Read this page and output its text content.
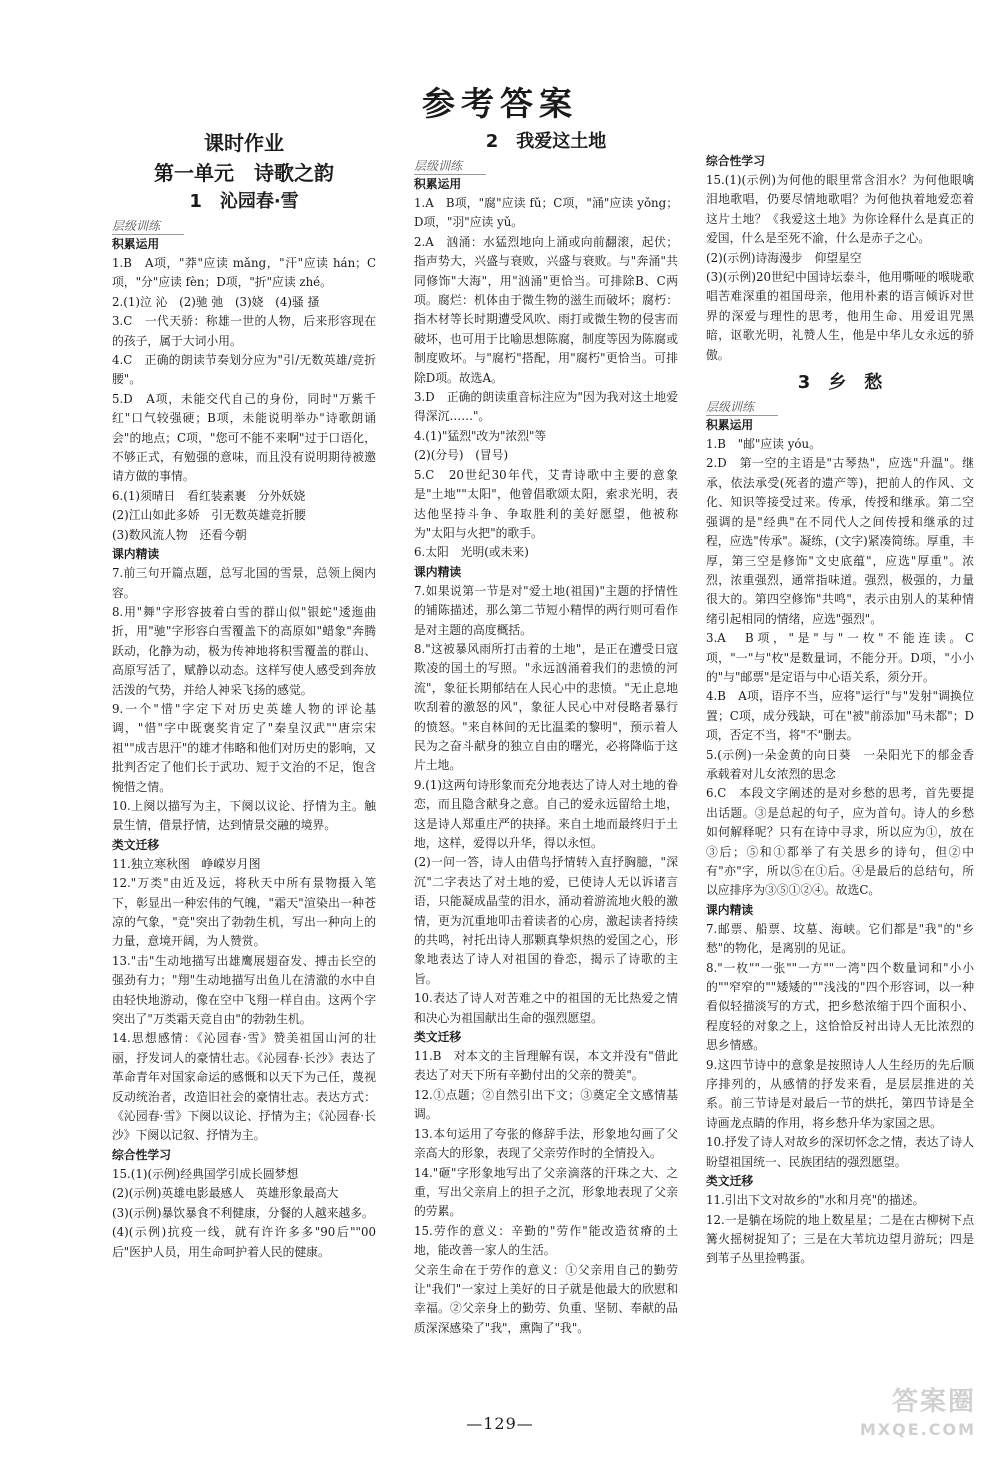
参考答案
课时作业
第一单元　诗歌之韵
1　沁园春·雪
层级训练
积累运用
1.B　A项，"莽"应读 mǎng，"汗"应读 hán；C项，"分"应读 fèn；D项，"折"应读 zhé。
2.(1)泣 沁　(2)驰 弛　(3)娆　(4)骚 搔
3.C　一代天骄：称雄一世的人物，后来形容现在的孩子，属于大词小用。
4.C　正确的朗读节奏划分应为"引/无数英雄/竞折腰"。
5.D　A项，未能交代自己的身份，同时"万紫千红"口气较强硬；B项，未能说明举办"诗歌朗诵会"的地点；C项，"您可不能不来啊"过于口语化，不够正式，有勉强的意味，而且没有说明期待被邀请方做的事情。
6.(1)须晴日　看红装素裹　分外妖娆
(2)江山如此多娇　引无数英雄竞折腰
(3)数风流人物　还看今朝
课内精读
7.前三句开篇点题，总写北国的雪景，总领上阕内容。
8.用"舞"字形容披着白雪的群山似"银蛇"逶迤曲折，用"驰"字形容白雪覆盖下的高原如"蜡象"奔腾跃动，化静为动，极为传神地将积雪覆盖的群山、高原写活了，赋静以动态。这样写使人感受到奔放活泼的气势，并给人神采飞扬的感觉。
9.一个"惜"字定下对历史英雄人物的评论基调，"惜"字中既褒奖肯定了"秦皇汉武""唐宗宋祖""成吉思汗"的雄才伟略和他们对历史的影响，又批判否定了他们长于武功、短于文治的不足，饱含惋惜之情。
10.上阕以描写为主，下阕以议论、抒情为主。触景生情，借景抒情，达到情景交融的境界。
类文迁移
11.独立寒秋图　峥嵘岁月图
12."万类"由近及远，将秋天中所有景物摄入笔下，彰显出一种宏伟的气魄，"霜天"渲染出一种苍凉的气象，"竞"突出了勃勃生机，写出一种向上的力量，意境开阔，为人赞赏。
13."击"生动地描写出雄鹰展翅奋发、搏击长空的强劲有力；"翔"生动地描写出鱼儿在清澈的水中自由轻快地游动，像在空中飞翔一样自由。这两个字突出了"万类霜天竞自由"的勃勃生机。
14.思想感情：《沁园春·雪》赞美祖国山河的壮丽，抒发词人的豪情壮志。《沁园春·长沙》表达了革命青年对国家命运的感慨和以天下为己任，蔑视反动统治者，改造旧社会的豪情壮志。表达方式：《沁园春·雪》下阕以议论、抒情为主；《沁园春·长沙》下阕以记叙、抒情为主。
综合性学习
15.(1)(示例)经典国学引成长圆梦想
(2)(示例)英雄电影最感人　英雄形象最高大
(3)(示例)暴饮暴食不利健康，分餐的人越来越多。
(4)(示例)抗疫一线，就有许许多多"90后""00后"医护人员，用生命呵护着人民的健康。
2　我爱这土地
层级训练
积累运用
1.A　B项，"腐"应读 fǔ；C项，"涌"应读 yǒng；D项，"羽"应读 yǔ。
2.A　汹涌：水猛烈地向上涌或向前翻滚，起伏；指声势大，兴盛与衰败，兴盛与衰败。与"奔涌"共同修饰"大海"，用"汹涌"更恰当。可排除B、C两项。腐烂：机体由于微生物的滋生而破坏；腐朽：指木材等长时期遭受风吹、雨打或微生物的侵害而破坏，也可用于比喻思想陈腐，制度等因为陈腐或制度败坏。与"腐朽"搭配，用"腐朽"更恰当。可排除D项。故选A。
3.D　正确的朗读重音标注应为"因为我对这土地爱得深沉……"。
4.(1)"猛烈"改为"浓烈"等
(2)(分号)　(冒号)
5.C　20世纪30年代，艾青诗歌中主要的意象是"土地""太阳"，他曾倡歌颂太阳，索求光明，表达他坚持斗争、争取胜利的美好愿望，他被称为"太阳与火把"的歌手。
6.太阳　光明(或未来)
课内精读
7.如果说第一节是对"爱土地(祖国)"主题的抒情性的铺陈描述，那么第二节短小精悍的两行则可看作是对主题的高度概括。
8."这被暴风雨所打击着的土地"，是正在遭受日寇欺凌的国土的写照。"永远汹涌着我们的悲愤的河流"，象征长期郁结在人民心中的悲愤。"无止息地吹刮着的激怒的风"，象征人民心中对侵略者暴行的愤怒。"来自林间的无比温柔的黎明"，预示着人民为之奋斗献身的独立自由的曙光，必将降临于这片土地。
9.(1)这两句诗形象而充分地表达了诗人对土地的眷恋，而且隐含献身之意。自己的爱永远留给土地，这是诗人郑重庄严的抉择。来自土地而最终归于土地，这样，爱得以升华，得以永恒。
(2)一问一答，诗人由借鸟抒情转入直抒胸臆，"深沉"二字表达了对土地的爱，已使诗人无以诉诸言语，只能凝成晶莹的泪水，涌动着游流地火般的激情，更为沉重地叩击着读者的心房，激起读者持续的共鸣，衬托出诗人那颗真挚炽热的爱国之心，形象地表达了诗人对祖国的眷恋，揭示了诗歌的主旨。
10.表达了诗人对苦难之中的祖国的无比热爱之情和决心为祖国献出生命的强烈愿望。
类文迁移
11.B　对本文的主旨理解有误，本文并没有"借此表达了对天下所有辛勤付出的父亲的赞美"。
12.①点题；②自然引出下文；③奠定全文感情基调。
13.本句运用了夸张的修辞手法，形象地勾画了父亲高大的形象，表现了父亲劳作时的全情投入。
14."砸"字形象地写出了父亲滴落的汗珠之大、之重，写出父亲肩上的担子之沉，形象地表现了父亲的劳累。
15.劳作的意义：辛勤的"劳作"能改造贫瘠的土地，能改善一家人的生活。
父亲生命在于劳作的意义：①父亲用自己的勤劳让"我们"一家过上美好的日子就是他最大的欣慰和幸福。②父亲身上的勤劳、负重、坚韧、奉献的品质深深感染了"我"，熏陶了"我"。
综合性学习
15.(1)(示例)为何他的眼里常含泪水？为何他眼噙泪地歌唱，仍要尽情地歌唱？为何他执着地爱恋着这片土地？《我爱这土地》为你诠释什么是真正的爱国，什么是至死不渝，什么是赤子之心。
(2)(示例)诗海漫步　仰望星空
(3)(示例)20世纪中国诗坛泰斗，他用嘶哑的喉咙歌唱苦难深重的祖国母亲，他用朴素的语言倾诉对世界的深爱与理性的思考，他用生命、用爱诅咒黑暗，讴歌光明，礼赞人生，他是中华儿女永远的骄傲。
3　乡　愁
层级训练
积累运用
1.B　"邮"应读 yóu。
2.D　第一空的主语是"古琴热"，应选"升温"。继承，依法承受(死者的遗产等)，把前人的作风、文化、知识等接受过来。传承，传授和继承。第二空强调的是"经典"在不同代人之间传授和继承的过程，应选"传承"。凝练，(文字)紧凑简练。厚重，丰厚，第三空是修饰"文史底蕴"，应选"厚重"。浓烈，浓重强烈，通常指味道。强烈，极强的，力量很大的。第四空修饰"共鸣"，表示由别人的某种情绪引起相同的情绪，应选"强烈"。
3.A　B项，"是"与"一枚"不能连读。C项，"一"与"枚"是数量词，不能分开。D项，"小小的"与"邮票"是定语与中心语关系，须分开。
4.B　A项，语序不当，应将"运行"与"发射"调换位置；C项，成分残缺，可在"被"前添加"马未都"；D项，否定不当，将"不"删去。
5.(示例)一朵金黄的向日葵　一朵阳光下的郁金香　承载着对儿女浓烈的思念
6.C　本段文字阐述的是对乡愁的思考，首先要提出话题。③是总起的句子，应为首句。诗人的乡愁如何解释呢？只有在诗中寻求，所以应为①，放在③后；⑤和①都举了有关思乡的诗句，但②中有"亦"字，所以⑤在①后。④是最后的总结句，所以应排序为③⑤①②④。故选C。
课内精读
7.邮票、船票、坟墓、海峡。它们都是"我"的"乡愁"的物化，是离别的见证。
8."一枚""一张""一方""一湾"四个数量词和"小小的""窄窄的""矮矮的""浅浅的"四个形容词，以一种看似轻描淡写的方式，把乡愁浓缩于四个面积小、程度轻的对象之上，这恰恰反衬出诗人无比浓烈的思乡情感。
9.这四节诗中的意象是按照诗人人生经历的先后顺序排列的，从感情的抒发来看，是层层推进的关系。前三节诗是对最后一节的烘托，第四节诗是全诗画龙点睛的作用，将乡愁升华为家国之思。
10.抒发了诗人对故乡的深切怀念之情，表达了诗人盼望祖国统一、民族团结的强烈愿望。
类文迁移
11.引出下文对故乡的"水和月亮"的描述。
12.一是躺在场院的地上数星星；二是在古柳树下点篝火摇树捉知了；三是在大苇坑边望月游玩；四是到苇子丛里捡鸭蛋。
—129—
答案圈
MXQE.COM
